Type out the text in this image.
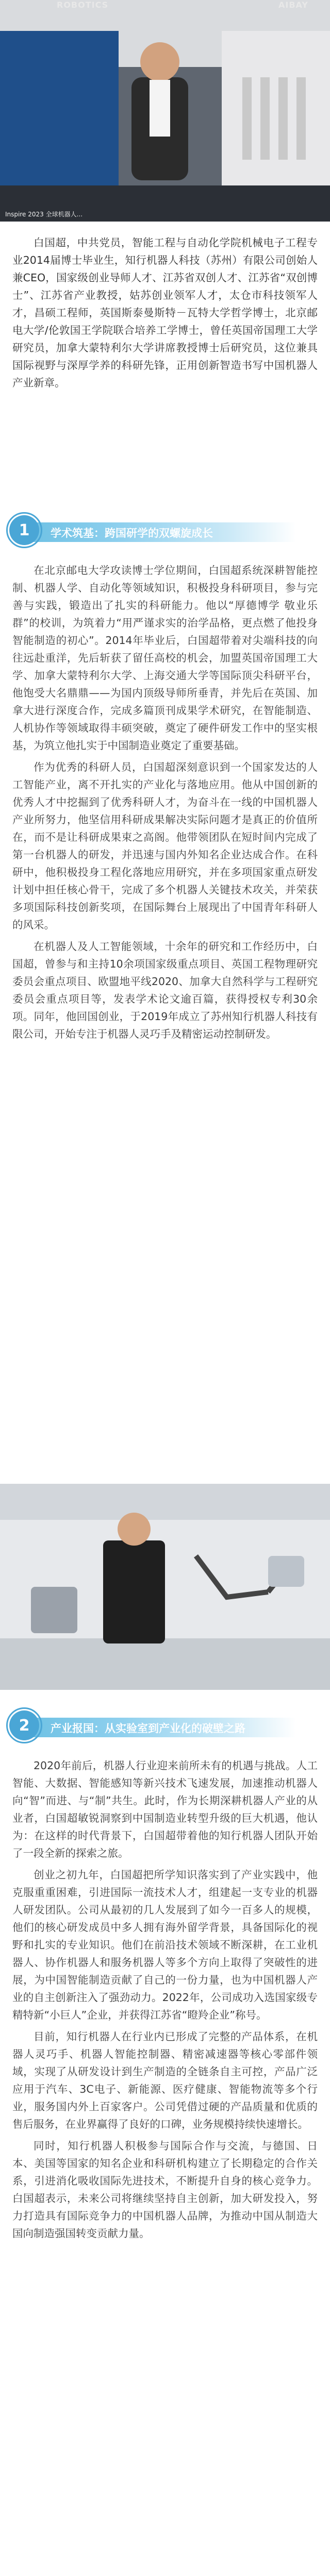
ROBOTICS	AIBAY
Inspire 2023 全球机器人...

白国超，中共党员，智能工程与自动化学院机械电子工程专业2014届博士毕业生，知行机器人科技（苏州）有限公司创始人兼CEO，国家级创业导师人才、江苏省双创人才、江苏省“双创博士”、江苏省产业教授，姑苏创业领军人才，太仓市科技领军人才，昌硕工程师，英国斯泰曼斯特－瓦特大学哲学博士，北京邮电大学/伦敦国王学院联合培养工学博士，曾任英国帝国理工大学研究员，加拿大蒙特利尔大学讲席教授博士后研究员，这位兼具国际视野与深厚学养的科研先锋，正用创新智造书写中国机器人产业新章。

1	学术筑基：跨国研学的双螺旋成长

在北京邮电大学攻读博士学位期间，白国超系统深耕智能控制、机器人学、自动化等领域知识，积极投身科研项目，参与完善与实践，锻造出了扎实的科研能力。他以“厚德博学 敬业乐群”的校训，为筑着力“用严谨求实的治学品格，更点燃了他投身智能制造的初心”。2014年毕业后，白国超带着对尖端科技的向往远赴重洋，先后斩获了留任高校的机会，加盟英国帝国理工大学、加拿大蒙特利尔大学、上海交通大学等国际顶尖科研平台，他饱受大名鼎鼎——为国内顶级导师所垂青，并先后在英国、加拿大进行深度合作，完成多篇顶刊成果学术研究，在智能制造、人机协作等领域取得丰硕突破，奠定了硬件研发工作中的坚实根基，为筑立他扎实于中国制造业奠定了重要基础。

作为优秀的科研人员，白国超深刻意识到一个国家发达的人工智能产业，离不开扎实的产业化与落地应用。他从中国创新的优秀人才中挖掘到了优秀科研人才，为奋斗在一线的中国机器人产业所努力，他坚信用科研成果解决实际问题才是真正的价值所在，而不是让科研成果束之高阁。他带领团队在短时间内完成了第一台机器人的研发，并迅速与国内外知名企业达成合作。在科研中，他积极投身工程化落地应用研究，并在多项国家重点研发计划中担任核心骨干，完成了多个机器人关键技术攻关，并荣获多项国际科技创新奖项，在国际舞台上展现出了中国青年科研人的风采。

在机器人及人工智能领域，十余年的研究和工作经历中，白国超，曾参与和主持10余项国家级重点项目、英国工程物理研究委员会重点项目、欧盟地平线2020、加拿大自然科学与工程研究委员会重点项目等，发表学术论文逾百篇，获得授权专利30余项。同年，他回国创业，于2019年成立了苏州知行机器人科技有限公司，开始专注于机器人灵巧手及精密运动控制研发。

2	产业报国：从实验室到产业化的破壁之路

2020年前后，机器人行业迎来前所未有的机遇与挑战。人工智能、大数据、智能感知等新兴技术飞速发展，加速推动机器人向“智”而进、与“制”共生。此时，作为长期深耕机器人产业的从业者，白国超敏锐洞察到中国制造业转型升级的巨大机遇，他认为：在这样的时代背景下，白国超带着他的知行机器人团队开始了一段全新的探索之旅。

创业之初九年，白国超把所学知识落实到了产业实践中，他克服重重困难，引进国际一流技术人才，组建起一支专业的机器人研发团队。公司从最初的几人发展到了如今一百多人的规模，他们的核心研发成员中多人拥有海外留学背景，具备国际化的视野和扎实的专业知识。他们在前沿技术领域不断深耕，在工业机器人、协作机器人和服务机器人等多个方向上取得了突破性的进展，为中国智能制造贡献了自己的一份力量，也为中国机器人产业的自主创新注入了强劲动力。2022年，公司成功入选国家级专精特新“小巨人”企业，并获得江苏省“瞪羚企业”称号。

目前，知行机器人在行业内已形成了完整的产品体系，在机器人灵巧手、机器人智能控制器、精密减速器等核心零部件领域，实现了从研发设计到生产制造的全链条自主可控，产品广泛应用于汽车、3C电子、新能源、医疗健康、智能物流等多个行业，服务国内外上百家客户。公司凭借过硬的产品质量和优质的售后服务，在业界赢得了良好的口碑，业务规模持续快速增长。

同时，知行机器人积极参与国际合作与交流，与德国、日本、美国等国家的知名企业和科研机构建立了长期稳定的合作关系，引进消化吸收国际先进技术，不断提升自身的核心竞争力。白国超表示，未来公司将继续坚持自主创新，加大研发投入，努力打造具有国际竞争力的中国机器人品牌，为推动中国从制造大国向制造强国转变贡献力量。
